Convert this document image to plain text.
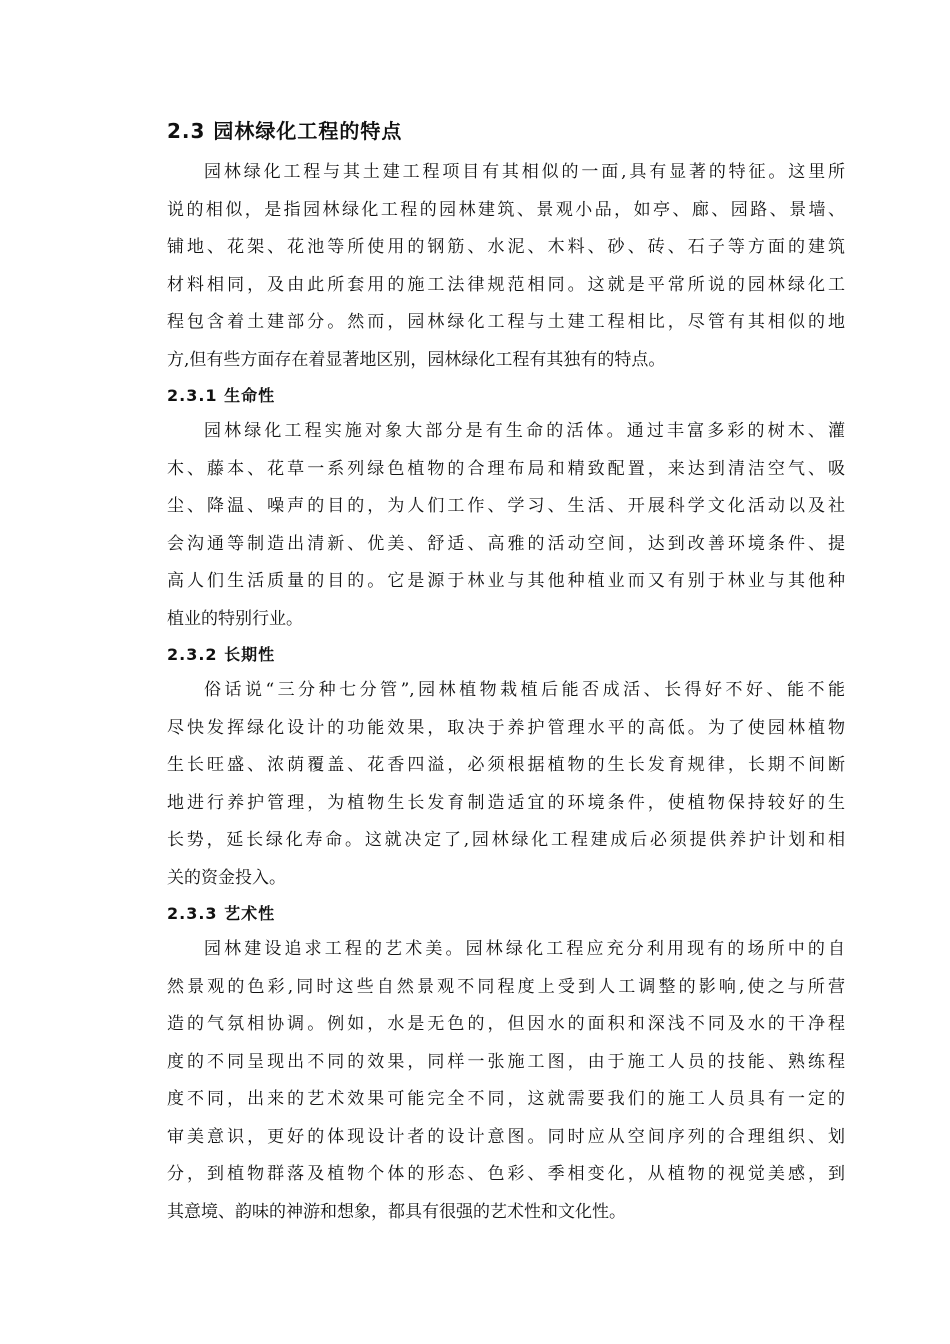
2.3 园林绿化工程的特点
园林绿化工程与其土建工程项目有其相似的一面,具有显著的特征。这里所
说的相似，是指园林绿化工程的园林建筑、景观小品，如亭、廊、园路、景墙、
铺地、花架、花池等所使用的钢筋、水泥、木料、砂、砖、石子等方面的建筑
材料相同，及由此所套用的施工法律规范相同。这就是平常所说的园林绿化工
程包含着土建部分。然而，园林绿化工程与土建工程相比，尽管有其相似的地
方,但有些方面存在着显著地区别，园林绿化工程有其独有的特点。
2.3.1 生命性
园林绿化工程实施对象大部分是有生命的活体。通过丰富多彩的树木、灌
木、藤本、花草一系列绿色植物的合理布局和精致配置，来达到清洁空气、吸
尘、降温、噪声的目的，为人们工作、学习、生活、开展科学文化活动以及社
会沟通等制造出清新、优美、舒适、高雅的活动空间，达到改善环境条件、提
高人们生活质量的目的。它是源于林业与其他种植业而又有别于林业与其他种
植业的特别行业。
2.3.2 长期性
俗话说“三分种七分管”,园林植物栽植后能否成活、长得好不好、能不能
尽快发挥绿化设计的功能效果，取决于养护管理水平的高低。为了使园林植物
生长旺盛、浓荫覆盖、花香四溢，必须根据植物的生长发育规律，长期不间断
地进行养护管理，为植物生长发育制造适宜的环境条件，使植物保持较好的生
长势，延长绿化寿命。这就决定了,园林绿化工程建成后必须提供养护计划和相
关的资金投入。
2.3.3 艺术性
园林建设追求工程的艺术美。园林绿化工程应充分利用现有的场所中的自
然景观的色彩,同时这些自然景观不同程度上受到人工调整的影响,使之与所营
造的气氛相协调。例如，水是无色的，但因水的面积和深浅不同及水的干净程
度的不同呈现出不同的效果，同样一张施工图，由于施工人员的技能、熟练程
度不同，出来的艺术效果可能完全不同，这就需要我们的施工人员具有一定的
审美意识，更好的体现设计者的设计意图。同时应从空间序列的合理组织、划
分，到植物群落及植物个体的形态、色彩、季相变化，从植物的视觉美感，到
其意境、韵味的神游和想象，都具有很强的艺术性和文化性。
